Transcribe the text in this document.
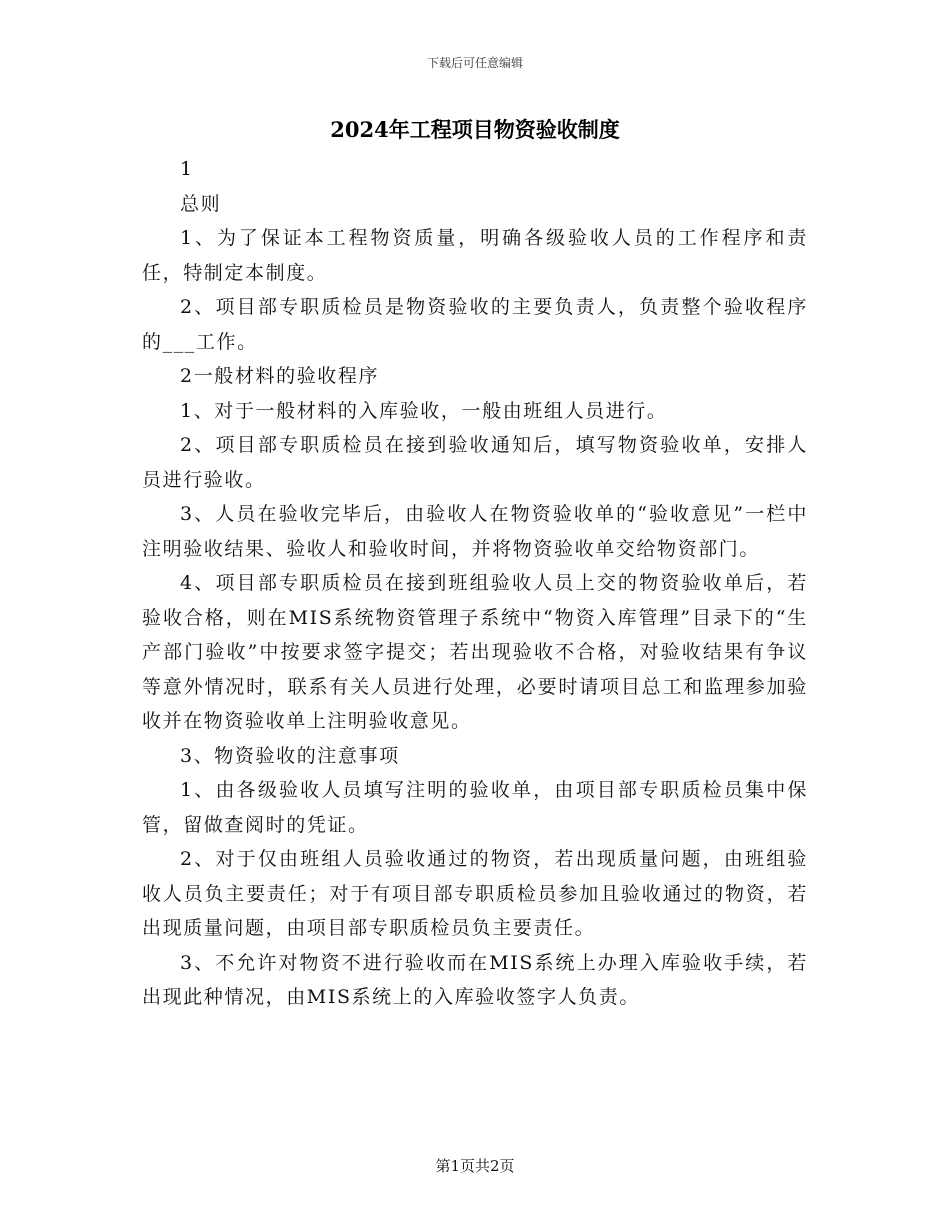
下载后可任意编辑
2024年工程项目物资验收制度

1

总则

1、为了保证本工程物资质量，明确各级验收人员的工作程序和责任，特制定本制度。

2、项目部专职质检员是物资验收的主要负责人，负责整个验收程序的___工作。

2一般材料的验收程序

1、对于一般材料的入库验收，一般由班组人员进行。

2、项目部专职质检员在接到验收通知后，填写物资验收单，安排人员进行验收。

3、人员在验收完毕后，由验收人在物资验收单的“验收意见”一栏中注明验收结果、验收人和验收时间，并将物资验收单交给物资部门。

4、项目部专职质检员在接到班组验收人员上交的物资验收单后，若验收合格，则在MIS系统物资管理子系统中“物资入库管理”目录下的“生产部门验收”中按要求签字提交；若出现验收不合格，对验收结果有争议等意外情况时，联系有关人员进行处理，必要时请项目总工和监理参加验收并在物资验收单上注明验收意见。

3、物资验收的注意事项

1、由各级验收人员填写注明的验收单，由项目部专职质检员集中保管，留做查阅时的凭证。

2、对于仅由班组人员验收通过的物资，若出现质量问题，由班组验收人员负主要责任；对于有项目部专职质检员参加且验收通过的物资，若出现质量问题，由项目部专职质检员负主要责任。

3、不允许对物资不进行验收而在MIS系统上办理入库验收手续，若出现此种情况，由MIS系统上的入库验收签字人负责。

第1页共2页
